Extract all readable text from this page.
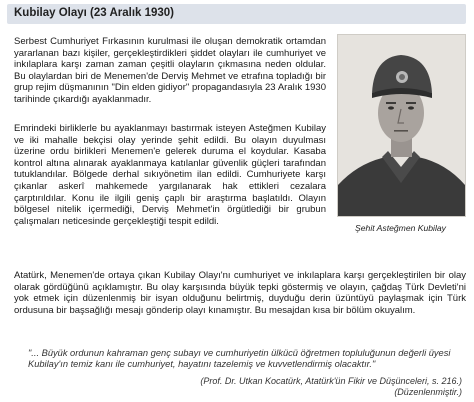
Kubilay Olayı (23 Aralık 1930)

Serbest Cumhuriyet Fırkasının kurulmasi ile oluşan demokratik ortamdan yararlanan bazı kişiler, gerçekleştirdikleri şiddet olayları ile cumhuriyet ve inkılaplara karşı zaman zaman çeşitli olayların çıkmasına neden oldular. Bu olaylardan biri de Menemen'de Derviş Mehmet ve etrafına topladığı bir grup rejim düşmanının "Din elden gidiyor" propagandasıyla 23 Aralık 1930 tarihinde çıkardığı ayaklanmadır.

Emrindeki birliklerle bu ayaklanmayı bastırmak isteyen Asteğmen Kubilay ve iki mahalle bekçisi olay yerinde şehit edildi. Bu olayın duyulması üzerine ordu birlikleri Menemen'e gelerek duruma el koydular. Kasaba kontrol altına alınarak ayaklanmaya katılanlar güvenlik güçleri tarafından tutuklandılar. Bölgede derhal sıkıyönetim ilan edildi. Cumhuriyete karşı çıkanlar askerî mahkemede yargılanarak hak ettikleri cezalara çarptırıldılar. Konu ile ilgili geniş çaplı bir araştırma başlatıldı. Olayın bölgesel nitelik içermediği, Derviş Mehmet'in örgütlediği bir grubun çalışmaları neticesinde gerçekleştiği tespit edildi.

Şehit Asteğmen Kubilay

Atatürk, Menemen'de ortaya çıkan Kubilay Olayı'nı cumhuriyet ve inkılaplara karşı gerçekleştirilen bir olay olarak gördüğünü açıklamıştır. Bu olay karşısında büyük tepki göstermiş ve olayın, çağdaş Türk Devleti'ni yok etmek için düzenlenmiş bir isyan olduğunu belirtmiş, duyduğu derin üzüntüyü paylaşmak için Türk ordusuna bir başsağlığı mesajı gönderip olayı kınamıştır. Bu mesajdan kısa bir bölüm okuyalım.

"... Büyük ordunun kahraman genç subayı ve cumhuriyetin ülkücü öğretmen topluluğunun değerli üyesi Kubilay'ın temiz kanı ile cumhuriyet, hayatını tazelemiş ve kuvvetlendirmiş olacaktır."

(Prof. Dr. Utkan Kocatürk, Atatürk'ün Fikir ve Düşünceleri, s. 216.)
(Düzenlenmiştir.)
